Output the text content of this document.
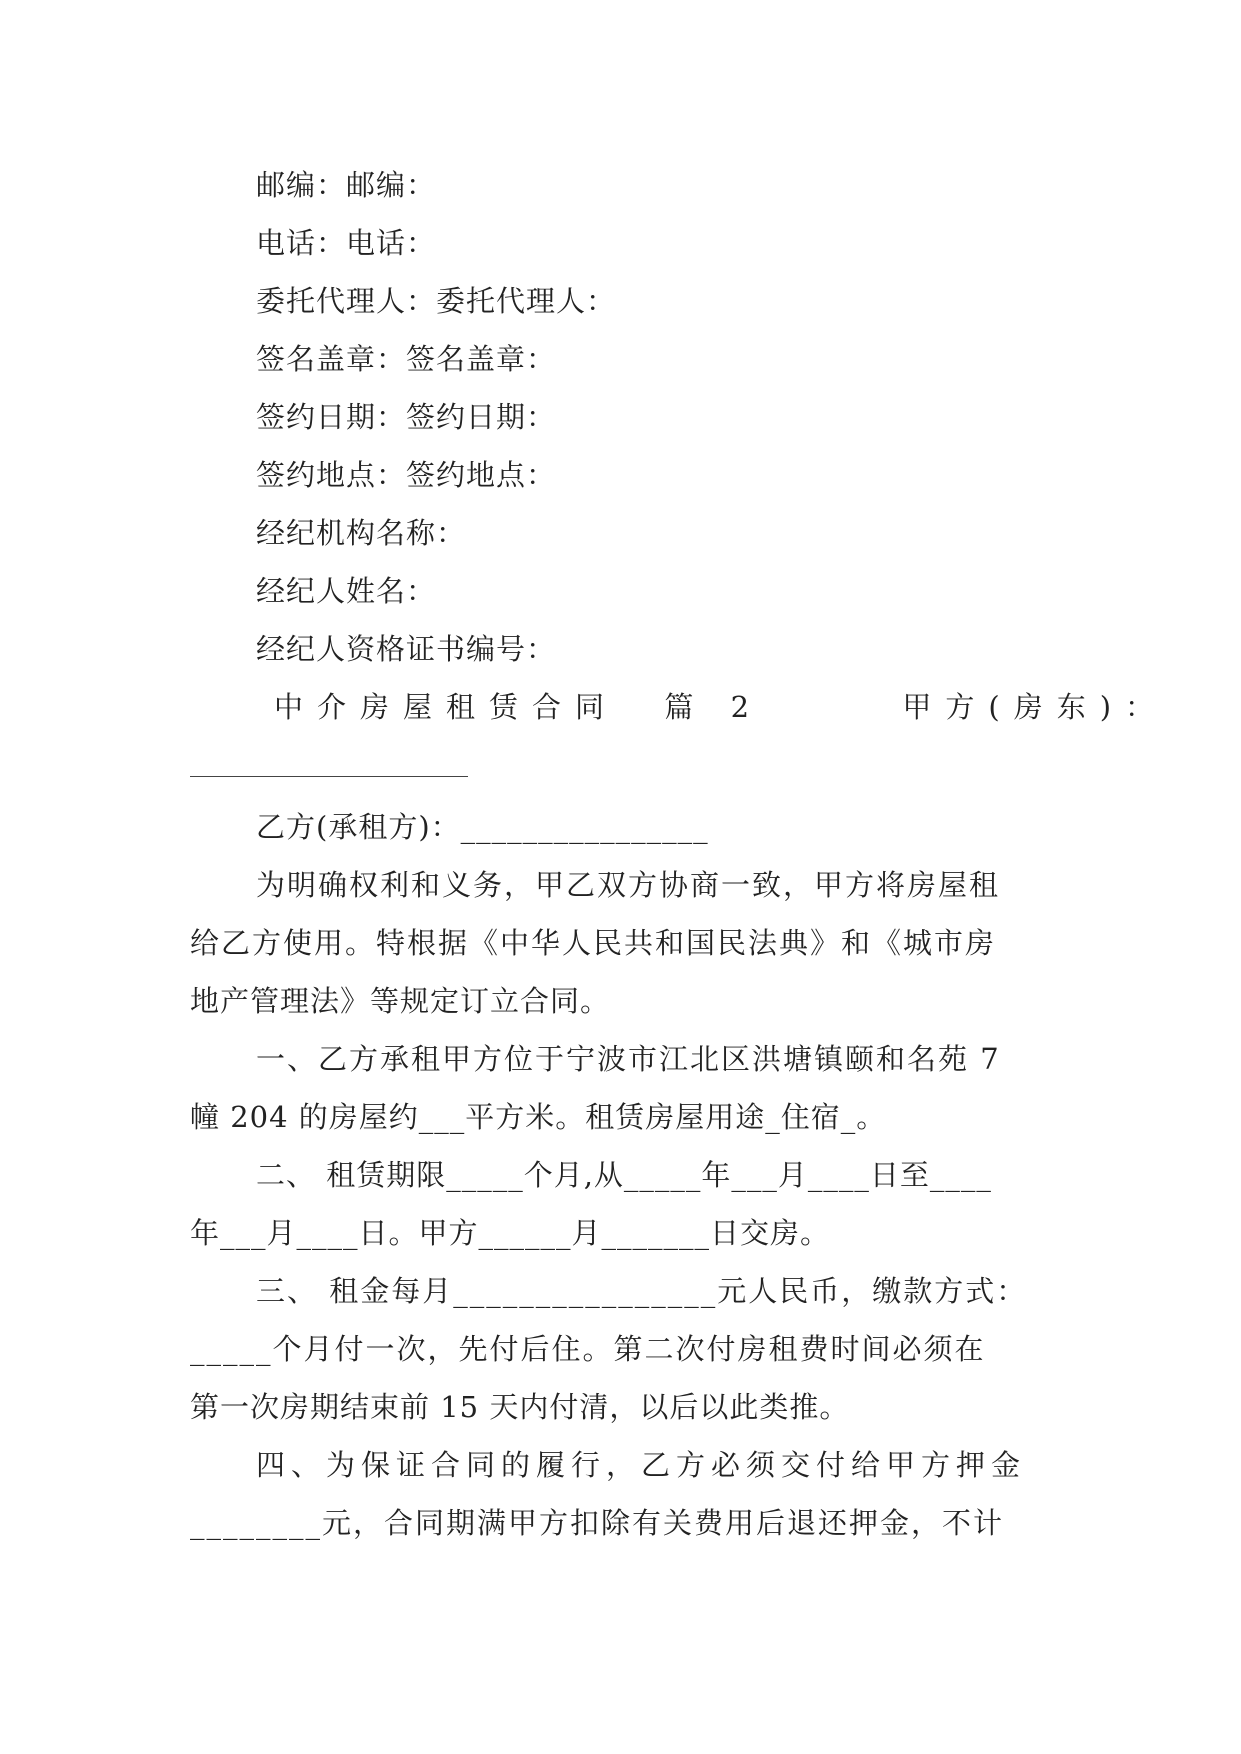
邮编：邮编：
电话：电话：
委托代理人：委托代理人：
签名盖章：签名盖章：
签约日期：签约日期：
签约地点：签约地点：
经纪机构名称：
经纪人姓名：
经纪人资格证书编号：
中介房屋租赁合同  篇 2      甲方(房东)：
乙方(承租方)：________________
为明确权利和义务，甲乙双方协商一致，甲方将房屋租
给乙方使用。特根据《中华人民共和国民法典》和《城市房
地产管理法》等规定订立合同。
一、乙方承租甲方位于宁波市江北区洪塘镇颐和名苑 7
幢 204 的房屋约___平方米。租赁房屋用途_住宿_。
二、 租赁期限_____个月,从_____年___月____日至____
年___月____日。甲方______月_______日交房。
三、 租金每月________________元人民币，缴款方式：
_____个月付一次，先付后住。第二次付房租费时间必须在
第一次房期结束前 15 天内付清，以后以此类推。
四、为保证合同的履行，乙方必须交付给甲方押金
________元，合同期满甲方扣除有关费用后退还押金，不计
